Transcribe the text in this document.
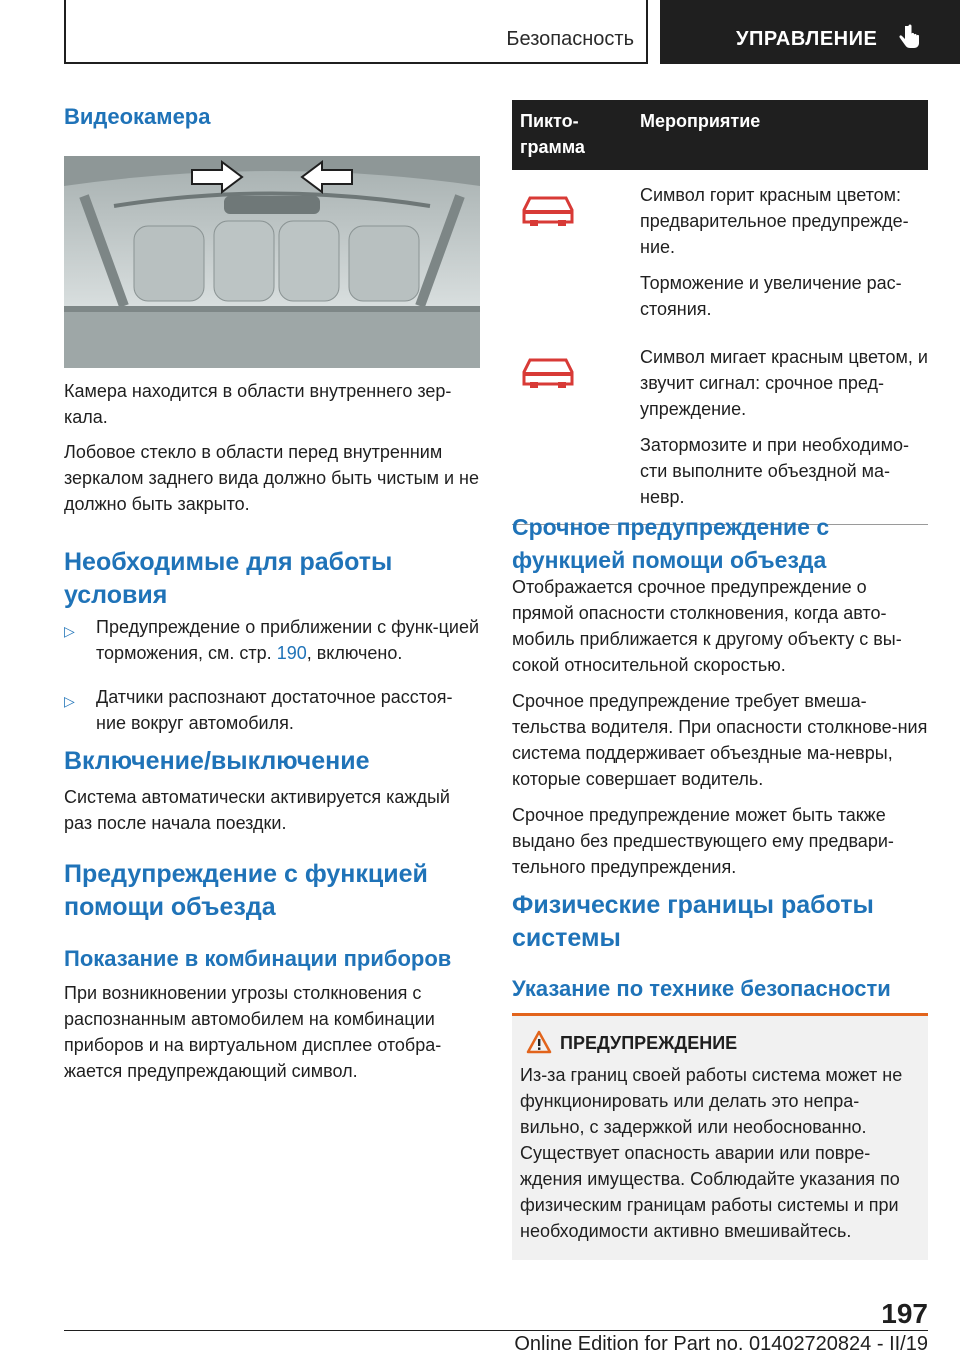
Безопасность	УПРАВЛЕНИЕ
Видеокамера

Камера находится в области внутреннего зер-кала.

Лобовое стекло в области перед внутренним зеркалом заднего вида должно быть чистым и не должно быть закрыто.

Необходимые для работы условия
▷ Предупреждение о приближении с функ-цией торможения, см. стр. 190, включено.
▷ Датчики распознают достаточное расстоя-ние вокруг автомобиля.
Включение/выключение

Система автоматически активируется каждый раз после начала поездки.

Предупреждение с функцией помощи объезда
Показание в комбинации приборов

При возникновении угрозы столкновения с распознанным автомобилем на комбинации приборов и на виртуальном дисплее отобра-жается предупреждающий символ.

Пикто-грамма	Мероприятие

Символ горит красным цветом: предварительное предупрежде-ние.
Торможение и увеличение рас-стояния.

Символ мигает красным цветом, и звучит сигнал: срочное пред-упреждение.
Затормозите и при необходимо-сти выполните объездной ма-невр.
Срочное предупреждение с функцией помощи объезда

Отображается срочное предупреждение о прямой опасности столкновения, когда авто-мобиль приближается к другому объекту с вы-сокой относительной скоростью.

Срочное предупреждение требует вмеша-тельства водителя. При опасности столкнове-ния система поддерживает объездные ма-невры, которые совершает водитель.

Срочное предупреждение может быть также выдано без предшествующего ему предвари-тельного предупреждения.

Физические границы работы системы
Указание по технике безопасности
ПРЕДУПРЕЖДЕНИЕ

Из-за границ своей работы система может не функционировать или делать это непра-вильно, с задержкой или необоснованно. Существует опасность аварии или повре-ждения имущества. Соблюдайте указания по физическим границам работы системы и при необходимости активно вмешивайтесь.

197
Online Edition for Part no. 01402720824 - II/19
